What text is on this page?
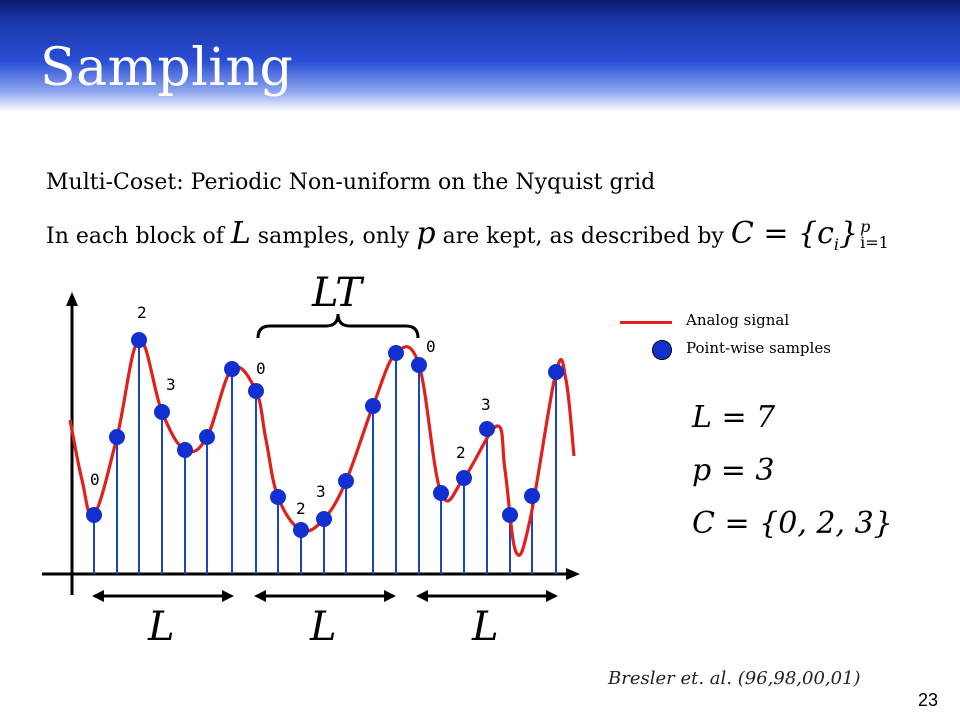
Sampling
Multi-Coset: Periodic Non-uniform on the Nyquist grid
In each block of L samples, only p are kept, as described by $C = \{c_i\}$ p
i=1
0
2
3
0
2
3
0
2
3
LT
L	L	L
Analog signal
Point-wise samples
L = 7
p = 3
C = {0, 2, 3}
Bresler et. al. (96,98,00,01)
23
